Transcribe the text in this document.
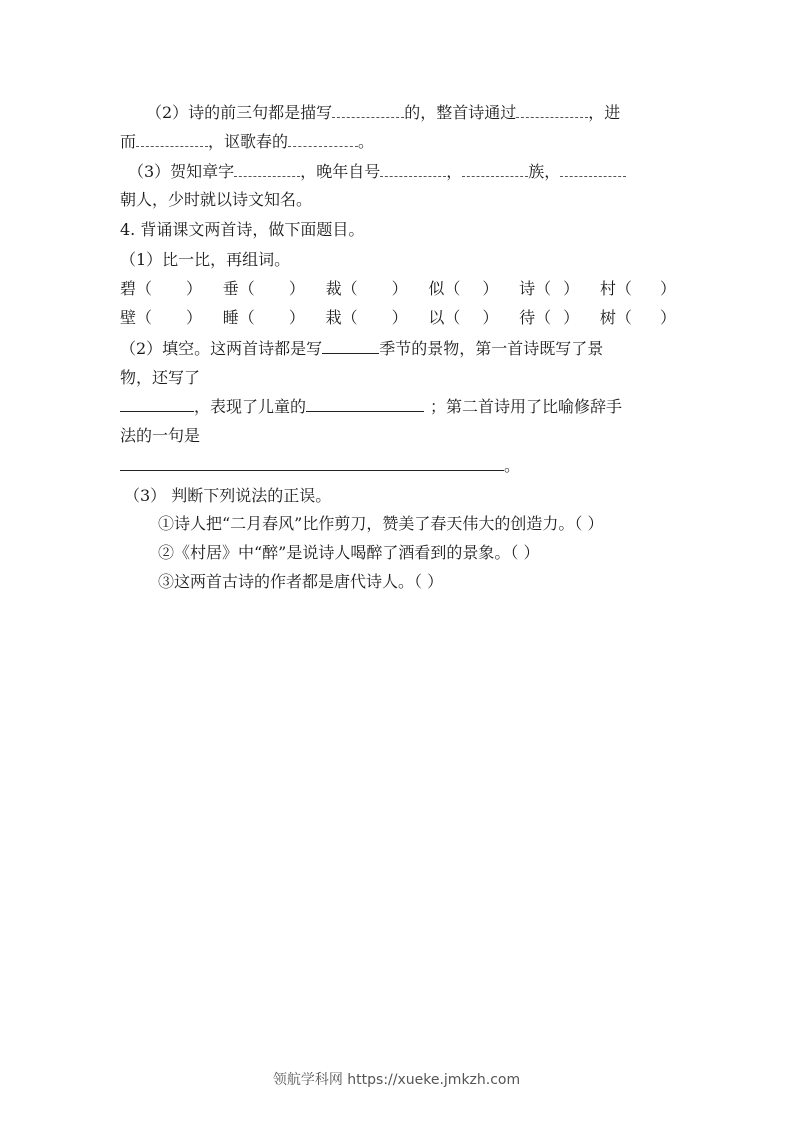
（2）诗的前三句都是描写	的，整首诗通过	，进
而	，讴歌春的	。
（3）贺知章字	，晚年自号	，	族，
朝人，少时就以诗文知名。
4. 背诵课文两首诗，做下面题目。
（1）比一比，再组词。
碧 （ ） 垂 （ ） 裁 （ ） 似 （ ） 诗 （ ） 村 （ ）
壁 （ ） 睡 （ ） 栽 （ ） 以 （ ） 待 （ ） 树 （ ）
（2）填空。这两首诗都是写	季节的景物，第一首诗既写了景
物，还写了
，表现了儿童的	；第二首诗用了比喻修辞手
法的一句是
。
（3） 判断下列说法的正误。
①诗人把“二月春风”比作剪刀，赞美了春天伟大的创造力。（ ）
②《村居》中“醉”是说诗人喝醉了酒看到的景象。（ ）
③这两首古诗的作者都是唐代诗人。（ ）
领航学科网 https://xueke.jmkzh.com
